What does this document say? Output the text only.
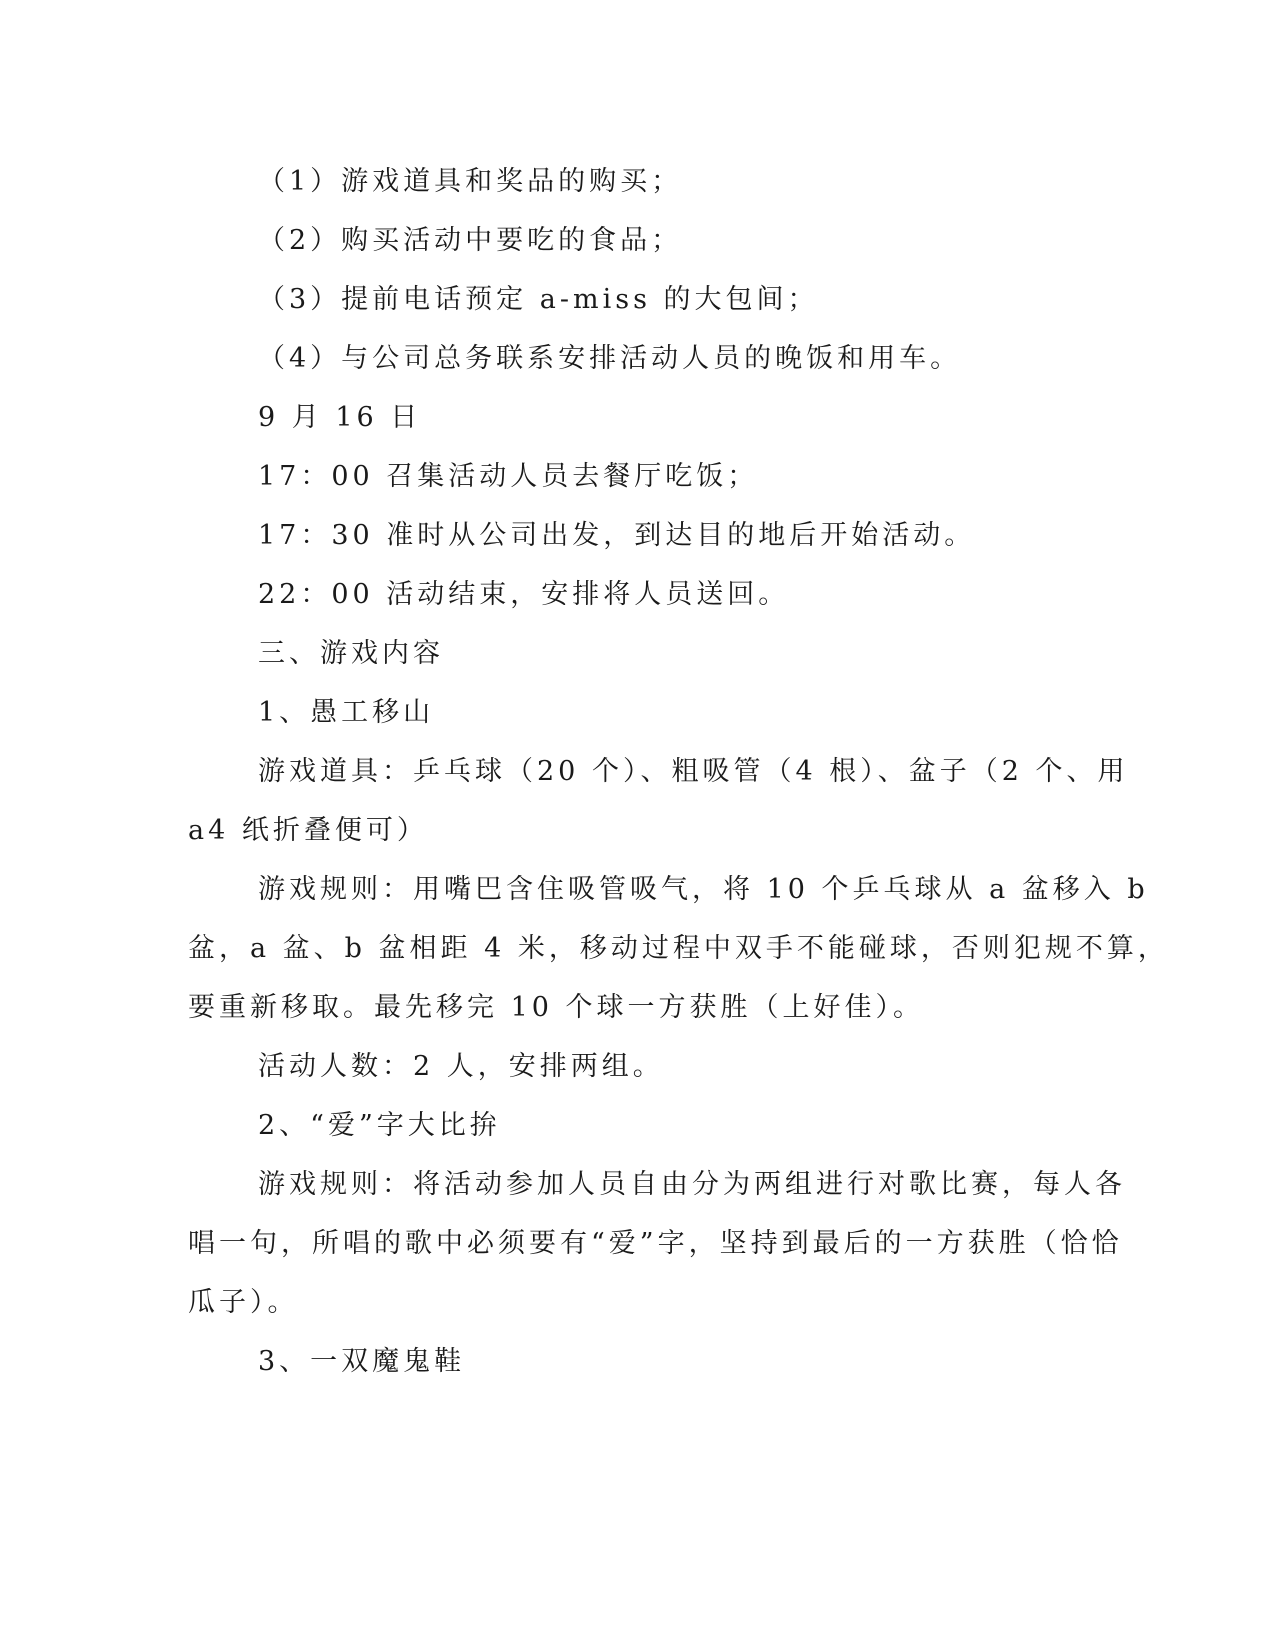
（1）游戏道具和奖品的购买；
（2）购买活动中要吃的食品；
（3）提前电话预定 a-miss 的大包间；
（4）与公司总务联系安排活动人员的晚饭和用车。
9 月 16 日
17：00 召集活动人员去餐厅吃饭；
17：30 准时从公司出发，到达目的地后开始活动。
22：00 活动结束，安排将人员送回。
三、游戏内容
1、愚工移山
游戏道具：乒乓球（20 个）、粗吸管（4 根）、盆子（2 个、用
a4 纸折叠便可）
游戏规则：用嘴巴含住吸管吸气，将 10 个乒乓球从 a 盆移入 b
盆，a 盆、b 盆相距 4 米，移动过程中双手不能碰球，否则犯规不算，
要重新移取。最先移完 10 个球一方获胜（上好佳）。
活动人数：2 人，安排两组。
2、“爱”字大比拚
游戏规则：将活动参加人员自由分为两组进行对歌比赛，每人各
唱一句，所唱的歌中必须要有“爱”字，坚持到最后的一方获胜（恰恰
瓜子）。
3、一双魔鬼鞋
